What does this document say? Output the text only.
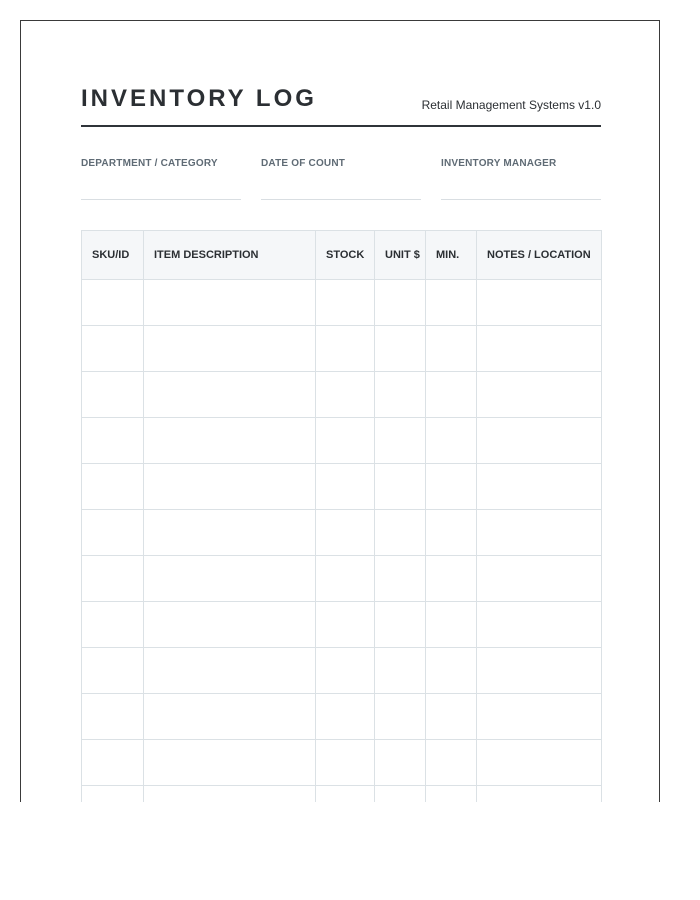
INVENTORY LOG	Retail Management Systems v1.0
DEPARTMENT / CATEGORY	DATE OF COUNT	INVENTORY MANAGER
SKU/ID	ITEM DESCRIPTION	STOCK	UNIT $	MIN.	NOTES / LOCATION
